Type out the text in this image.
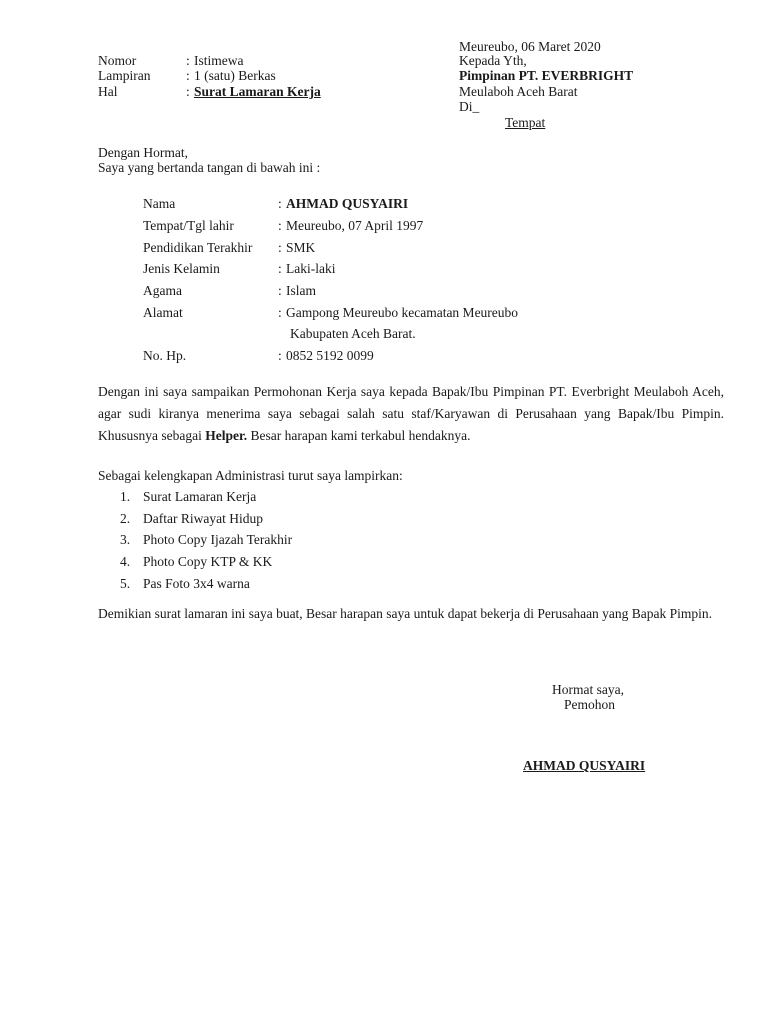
Nomor	: Istimewa
Lampiran	: 1 (satu) Berkas
Hal	: Surat Lamaran Kerja
Meureubo, 06 Maret 2020
Kepada Yth,
Pimpinan PT. EVERBRIGHT
Meulaboh Aceh Barat
Di_
Tempat
Dengan Hormat,
Saya yang bertanda tangan di bawah ini :
Nama	: AHMAD QUSYAIRI
Tempat/Tgl lahir	: Meureubo, 07 April 1997
Pendidikan Terakhir : SMK
Jenis Kelamin	: Laki-laki
Agama	: Islam
Alamat	: Gampong Meureubo kecamatan Meureubo
Kabupaten Aceh Barat.
No. Hp.	: 0852 5192 0099
Dengan ini saya sampaikan Permohonan Kerja saya kepada Bapak/Ibu Pimpinan PT. Everbright Meulaboh Aceh, agar sudi kiranya menerima saya sebagai salah satu staf/Karyawan di Perusahaan yang Bapak/Ibu Pimpin. Khususnya sebagai Helper. Besar harapan kami terkabul hendaknya.
Sebagai kelengkapan Administrasi turut saya lampirkan:
1. Surat Lamaran Kerja
2. Daftar Riwayat Hidup
3. Photo Copy Ijazah Terakhir
4. Photo Copy KTP & KK
5. Pas Foto 3x4 warna
Demikian surat lamaran ini saya buat, Besar harapan saya untuk dapat bekerja di Perusahaan yang Bapak Pimpin.
Hormat saya,
Pemohon
AHMAD QUSYAIRI
